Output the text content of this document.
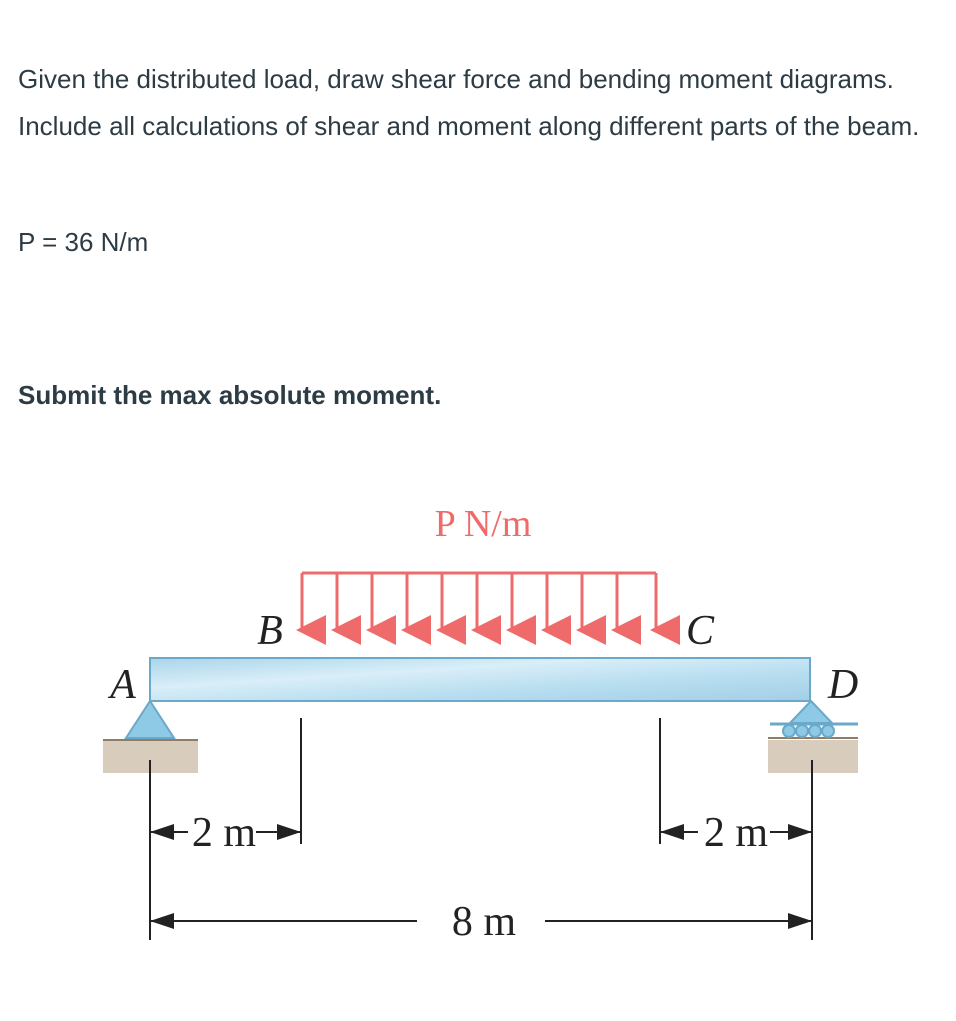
Given the distributed load, draw shear force and bending moment diagrams. Include all calculations of shear and moment along different parts of the beam.

P = 36 N/m
Submit the max absolute moment.
P N/m
B	C
A	D
2 m	2 m
8 m
